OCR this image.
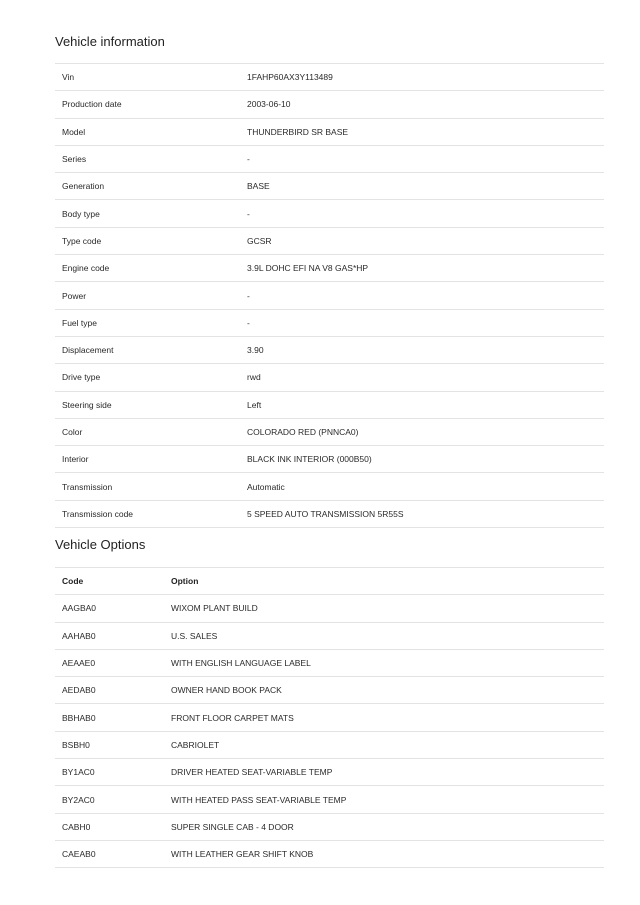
Vehicle information
Vin	1FAHP60AX3Y113489
Production date	2003-06-10
Model	THUNDERBIRD SR BASE
Series	-
Generation	BASE
Body type	-
Type code	GCSR
Engine code	3.9L DOHC EFI NA V8 GAS*HP
Power	-
Fuel type	-
Displacement	3.90
Drive type	rwd
Steering side	Left
Color	COLORADO RED (PNNCA0)
Interior	BLACK INK INTERIOR (000B50)
Transmission	Automatic
Transmission code	5 SPEED AUTO TRANSMISSION 5R55S
Vehicle Options
Code	Option
AAGBA0	WIXOM PLANT BUILD
AAHAB0	U.S. SALES
AEAAE0	WITH ENGLISH LANGUAGE LABEL
AEDAB0	OWNER HAND BOOK PACK
BBHAB0	FRONT FLOOR CARPET MATS
BSBH0	CABRIOLET
BY1AC0	DRIVER HEATED SEAT-VARIABLE TEMP
BY2AC0	WITH HEATED PASS SEAT-VARIABLE TEMP
CABH0	SUPER SINGLE CAB - 4 DOOR
CAEAB0	WITH LEATHER GEAR SHIFT KNOB
